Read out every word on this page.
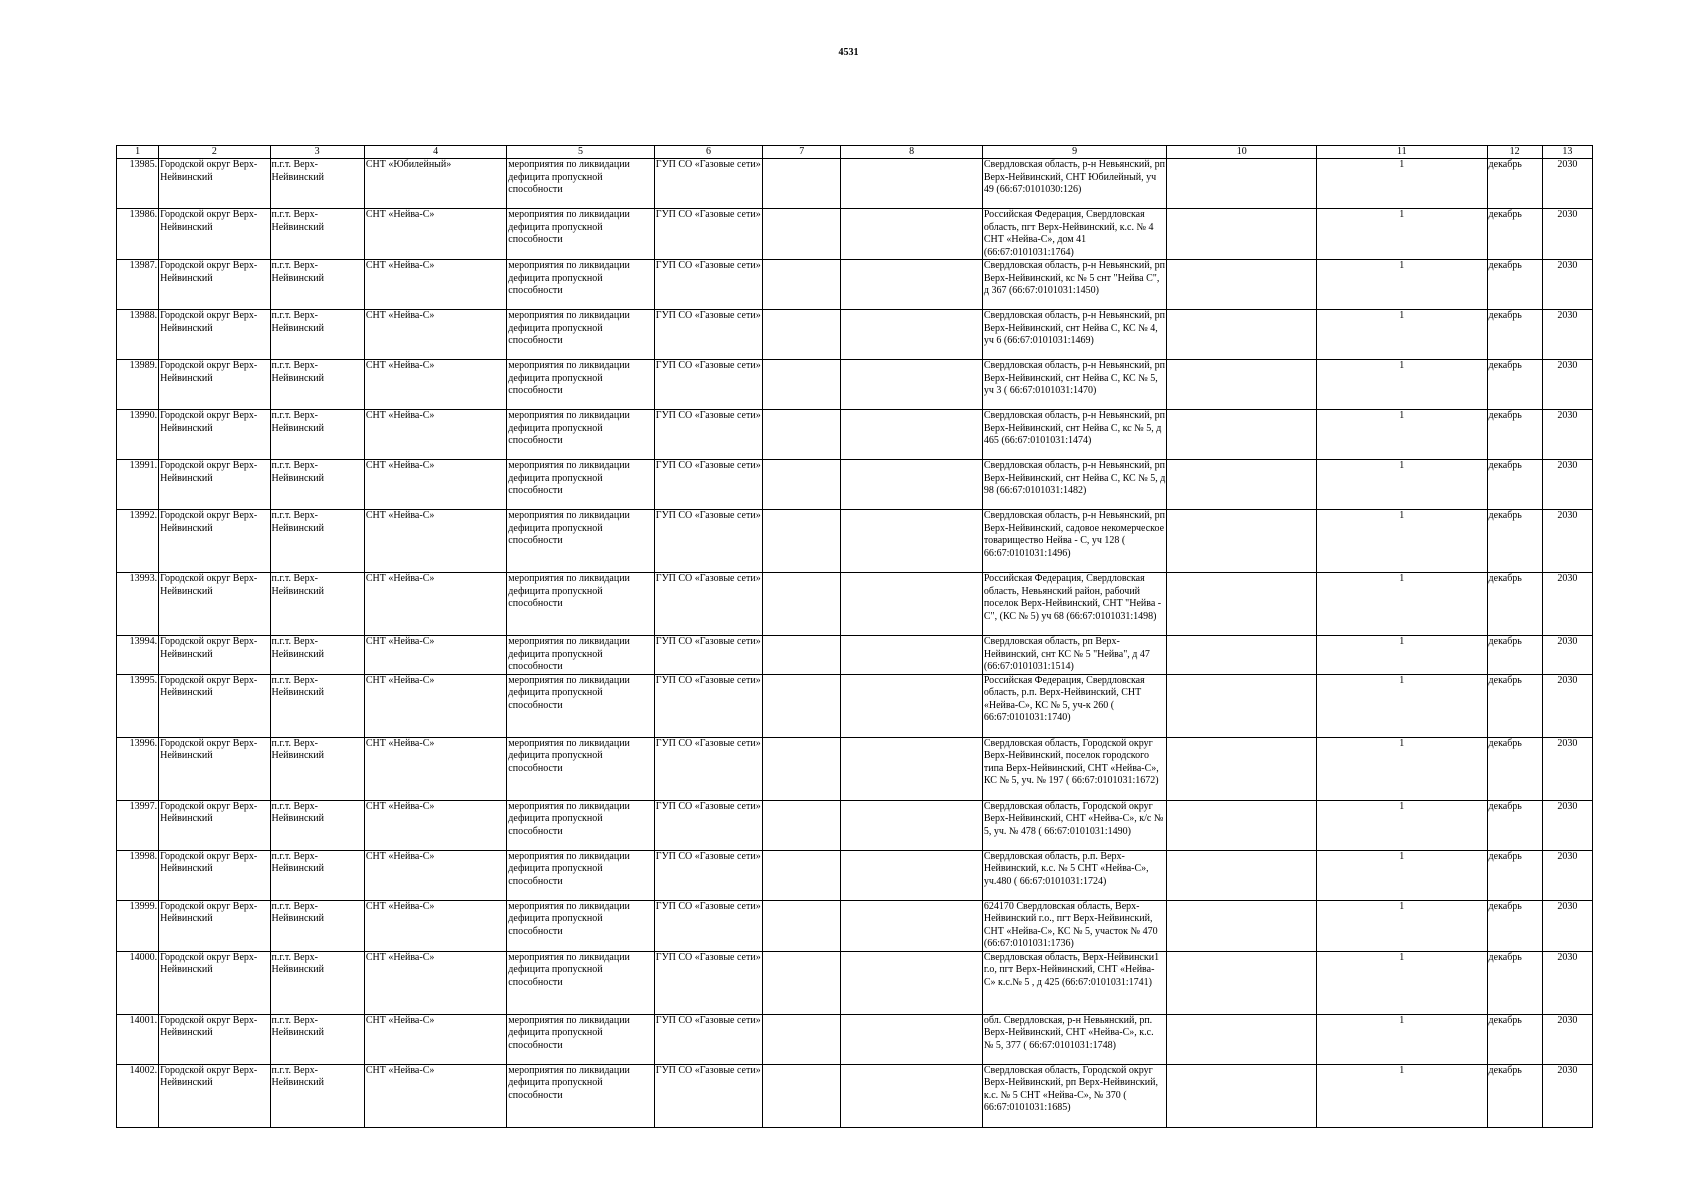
4531
1	2	3	4	5	6	7	8	9	10	11	12	13
13985.	Городской округ Верх-Нейвинский	п.г.т. Верх-Нейвинский	СНТ «Юбилейный»	мероприятия по ликвидации дефицита пропускной способности	ГУП СО «Газовые сети»			Свердловская область, р-н Невьянский, рп Верх-Нейвинский, СНТ Юбилейный, уч 49 (66:67:0101030:126)		1	декабрь	2030
13986.	Городской округ Верх-Нейвинский	п.г.т. Верх-Нейвинский	СНТ «Нейва-С»	мероприятия по ликвидации дефицита пропускной способности	ГУП СО «Газовые сети»			Российская Федерация, Свердловская область, пгт Верх-Нейвинский, к.с. № 4 СНТ «Нейва-С», дом 41 (66:67:0101031:1764)		1	декабрь	2030
13987.	Городской округ Верх-Нейвинский	п.г.т. Верх-Нейвинский	СНТ «Нейва-С»	мероприятия по ликвидации дефицита пропускной способности	ГУП СО «Газовые сети»			Свердловская область, р-н Невьянский, рп Верх-Нейвинский, кс № 5 снт "Нейва С", д 367 (66:67:0101031:1450)		1	декабрь	2030
13988.	Городской округ Верх-Нейвинский	п.г.т. Верх-Нейвинский	СНТ «Нейва-С»	мероприятия по ликвидации дефицита пропускной способности	ГУП СО «Газовые сети»			Свердловская область, р-н Невьянский, рп Верх-Нейвинский, снт Нейва С, КС № 4, уч 6 (66:67:0101031:1469)		1	декабрь	2030
13989.	Городской округ Верх-Нейвинский	п.г.т. Верх-Нейвинский	СНТ «Нейва-С»	мероприятия по ликвидации дефицита пропускной способности	ГУП СО «Газовые сети»			Свердловская область, р-н Невьянский, рп Верх-Нейвинский, снт Нейва С, КС № 5, уч 3 ( 66:67:0101031:1470)		1	декабрь	2030
13990.	Городской округ Верх-Нейвинский	п.г.т. Верх-Нейвинский	СНТ «Нейва-С»	мероприятия по ликвидации дефицита пропускной способности	ГУП СО «Газовые сети»			Свердловская область, р-н Невьянский, рп Верх-Нейвинский, снт Нейва С, кс № 5, д 465 (66:67:0101031:1474)		1	декабрь	2030
13991.	Городской округ Верх-Нейвинский	п.г.т. Верх-Нейвинский	СНТ «Нейва-С»	мероприятия по ликвидации дефицита пропускной способности	ГУП СО «Газовые сети»			Свердловская область, р-н Невьянский, рп Верх-Нейвинский, снт Нейва С, КС № 5, д 98 (66:67:0101031:1482)		1	декабрь	2030
13992.	Городской округ Верх-Нейвинский	п.г.т. Верх-Нейвинский	СНТ «Нейва-С»	мероприятия по ликвидации дефицита пропускной способности	ГУП СО «Газовые сети»			Свердловская область, р-н Невьянский, рп Верх-Нейвинский, садовое некомерческое товарищество Нейва - С, уч 128 ( 66:67:0101031:1496)		1	декабрь	2030
13993.	Городской округ Верх-Нейвинский	п.г.т. Верх-Нейвинский	СНТ «Нейва-С»	мероприятия по ликвидации дефицита пропускной способности	ГУП СО «Газовые сети»			Российская Федерация, Свердловская область, Невьянский район, рабочий поселок Верх-Нейвинский, СНТ "Нейва - С", (КС № 5) уч 68 (66:67:0101031:1498)		1	декабрь	2030
13994.	Городской округ Верх-Нейвинский	п.г.т. Верх-Нейвинский	СНТ «Нейва-С»	мероприятия по ликвидации дефицита пропускной способности	ГУП СО «Газовые сети»			Свердловская область, рп Верх-Нейвинский, снт КС № 5 "Нейва", д 47 (66:67:0101031:1514)		1	декабрь	2030
13995.	Городской округ Верх-Нейвинский	п.г.т. Верх-Нейвинский	СНТ «Нейва-С»	мероприятия по ликвидации дефицита пропускной способности	ГУП СО «Газовые сети»			Российская Федерация, Свердловская область, р.п. Верх-Нейвинский, СНТ «Нейва-С», КС № 5, уч-к 260 ( 66:67:0101031:1740)		1	декабрь	2030
13996.	Городской округ Верх-Нейвинский	п.г.т. Верх-Нейвинский	СНТ «Нейва-С»	мероприятия по ликвидации дефицита пропускной способности	ГУП СО «Газовые сети»			Свердловская область, Городской округ Верх-Нейвинский, поселок городского типа Верх-Нейвинский, СНТ «Нейва-С», КС № 5, уч. № 197 ( 66:67:0101031:1672)		1	декабрь	2030
13997.	Городской округ Верх-Нейвинский	п.г.т. Верх-Нейвинский	СНТ «Нейва-С»	мероприятия по ликвидации дефицита пропускной способности	ГУП СО «Газовые сети»			Свердловская область, Городской округ Верх-Нейвинский, СНТ «Нейва-С», к/с № 5, уч. № 478 ( 66:67:0101031:1490)		1	декабрь	2030
13998.	Городской округ Верх-Нейвинский	п.г.т. Верх-Нейвинский	СНТ «Нейва-С»	мероприятия по ликвидации дефицита пропускной способности	ГУП СО «Газовые сети»			Свердловская область, р.п. Верх-Нейвинский, к.с. № 5 СНТ «Нейва-С», уч.480 ( 66:67:0101031:1724)		1	декабрь	2030
13999.	Городской округ Верх-Нейвинский	п.г.т. Верх-Нейвинский	СНТ «Нейва-С»	мероприятия по ликвидации дефицита пропускной способности	ГУП СО «Газовые сети»			624170 Свердловская область, Верх-Нейвинский г.о., пгт Верх-Нейвинский, СНТ «Нейва-С», КС № 5, участок № 470 (66:67:0101031:1736)		1	декабрь	2030
14000.	Городской округ Верх-Нейвинский	п.г.т. Верх-Нейвинский	СНТ «Нейва-С»	мероприятия по ликвидации дефицита пропускной способности	ГУП СО «Газовые сети»			Свердловская область, Верх-Нейвински1 г.о, пгт Верх-Нейвинский, СНТ «Нейва-С» к.с.№ 5 , д 425 (66:67:0101031:1741)		1	декабрь	2030
14001.	Городской округ Верх-Нейвинский	п.г.т. Верх-Нейвинский	СНТ «Нейва-С»	мероприятия по ликвидации дефицита пропускной способности	ГУП СО «Газовые сети»			обл. Свердловская, р-н Невьянский, рп. Верх-Нейвинский, СНТ «Нейва-С», к.с. № 5, 377 ( 66:67:0101031:1748)		1	декабрь	2030
14002.	Городской округ Верх-Нейвинский	п.г.т. Верх-Нейвинский	СНТ «Нейва-С»	мероприятия по ликвидации дефицита пропускной способности	ГУП СО «Газовые сети»			Свердловская область, Городской округ Верх-Нейвинский, рп Верх-Нейвинский, к.с. № 5 СНТ «Нейва-С», № 370 ( 66:67:0101031:1685)		1	декабрь	2030
